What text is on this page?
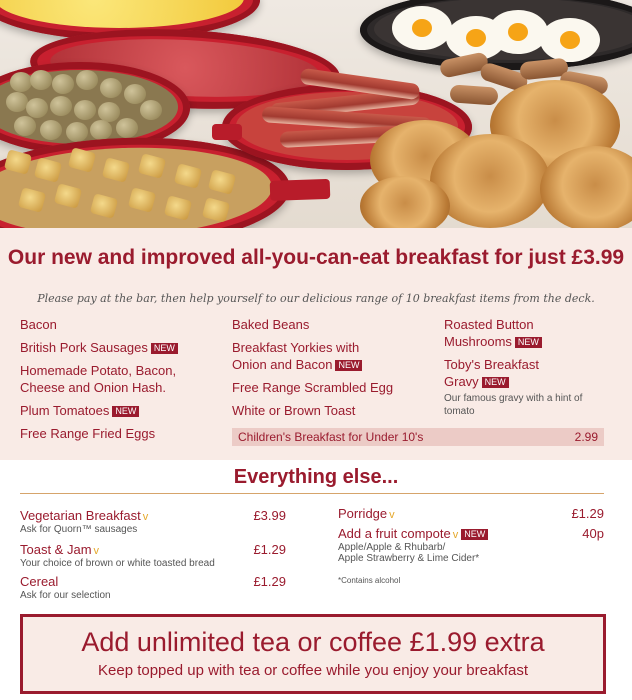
Our new and improved all-you-can-eat breakfast for just £3.99

Please pay at the bar, then help yourself to our delicious range of 10 breakfast items from the deck.

Bacon
British Pork Sausages NEW
Homemade Potato, Bacon, Cheese and Onion Hash.
Plum Tomatoes NEW
Free Range Fried Eggs
Baked Beans
Breakfast Yorkies with Onion and Bacon NEW
Free Range Scrambled Egg
White or Brown Toast
Roasted Button Mushrooms NEW
Toby's Breakfast Gravy NEW
Our famous gravy with a hint of tomato
Children's Breakfast for Under 10's	2.99
Everything else...
Vegetarian Breakfast v
Ask for Quorn™ sausages
£3.99
Toast & Jam v
Your choice of brown or white toasted bread
£1.29
Cereal
Ask for our selection
£1.29
Porridge v	£1.29
Add a fruit compote v NEW
Apple/Apple & Rhubarb/
Apple Strawberry & Lime Cider*
40p
*Contains alcohol
Add unlimited tea or coffee £1.99 extra
Keep topped up with tea or coffee while you enjoy your breakfast
